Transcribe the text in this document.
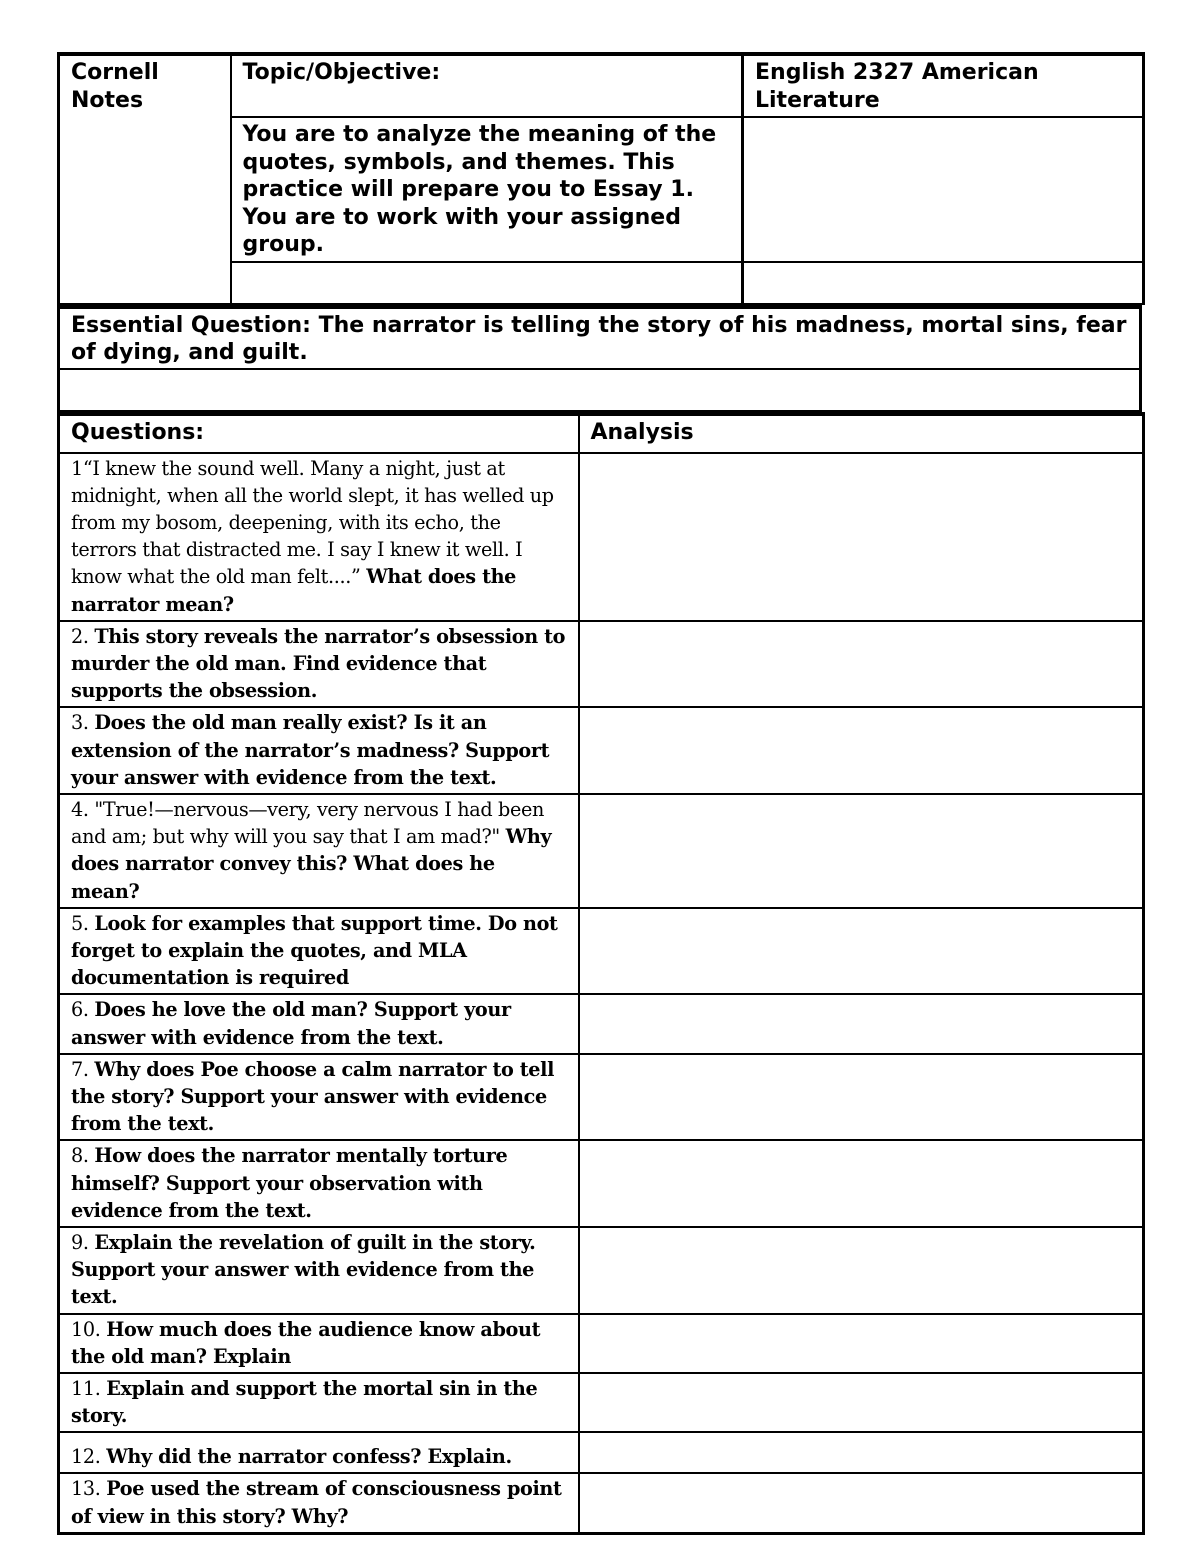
Cornell Notes	Topic/Objective:	English 2327 American Literature
	You are to analyze the meaning of the quotes, symbols, and themes. This practice will prepare you to Essay 1. You are to work with your assigned group.	

Essential Question: The narrator is telling the story of his madness, mortal sins, fear of dying, and guilt.

Questions:	Analysis
1“I knew the sound well. Many a night, just at midnight, when all the world slept, it has welled up from my bosom, deepening, with its echo, the terrors that distracted me. I say I knew it well. I know what the old man felt....” What does the narrator mean?	
2. This story reveals the narrator’s obsession to murder the old man. Find evidence that supports the obsession.	
3. Does the old man really exist? Is it an extension of the narrator’s madness? Support your answer with evidence from the text.	
4. "True!—nervous—very, very nervous I had been and am; but why will you say that I am mad?" Why does narrator convey this? What does he mean?	
5. Look for examples that support time. Do not forget to explain the quotes, and MLA documentation is required	
6. Does he love the old man? Support your answer with evidence from the text.	
7. Why does Poe choose a calm narrator to tell the story? Support your answer with evidence from the text.	
8. How does the narrator mentally torture himself? Support your observation with evidence from the text.	
9. Explain the revelation of guilt in the story. Support your answer with evidence from the text.	
10. How much does the audience know about the old man? Explain	
11. Explain and support the mortal sin in the story.	
12. Why did the narrator confess? Explain.	
13. Poe used the stream of consciousness point of view in this story? Why?	
